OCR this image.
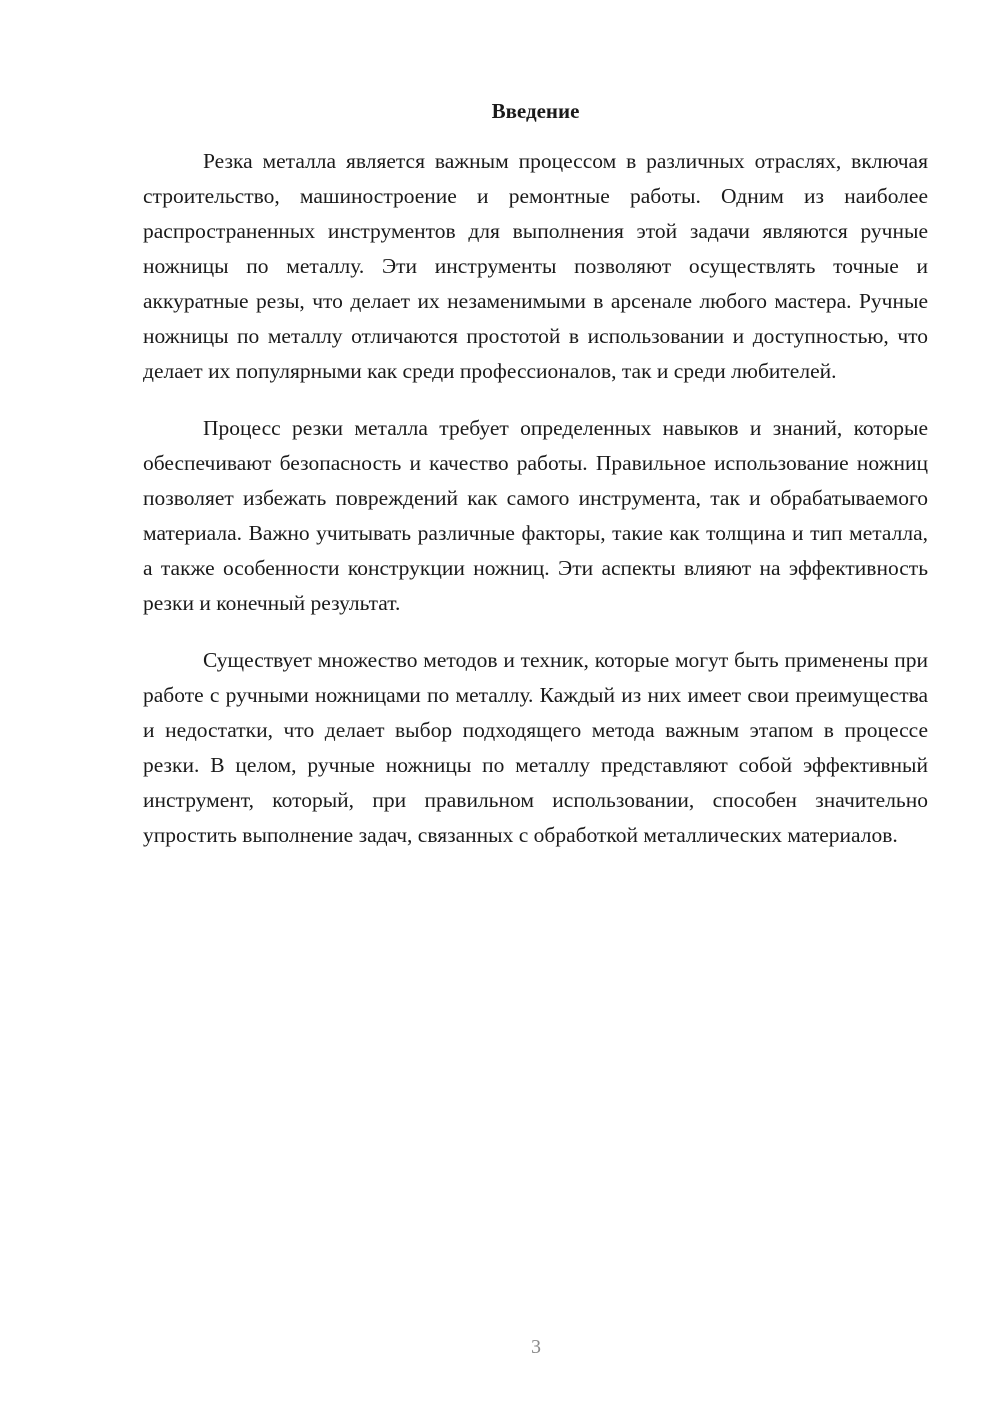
Введение

Резка металла является важным процессом в различных отраслях, включая строительство, машиностроение и ремонтные работы. Одним из наиболее распространенных инструментов для выполнения этой задачи являются ручные ножницы по металлу. Эти инструменты позволяют осуществлять точные и аккуратные резы, что делает их незаменимыми в арсенале любого мастера. Ручные ножницы по металлу отличаются простотой в использовании и доступностью, что делает их популярными как среди профессионалов, так и среди любителей.

Процесс резки металла требует определенных навыков и знаний, которые обеспечивают безопасность и качество работы. Правильное использование ножниц позволяет избежать повреждений как самого инструмента, так и обрабатываемого материала. Важно учитывать различные факторы, такие как толщина и тип металла, а также особенности конструкции ножниц. Эти аспекты влияют на эффективность резки и конечный результат.

Существует множество методов и техник, которые могут быть применены при работе с ручными ножницами по металлу. Каждый из них имеет свои преимущества и недостатки, что делает выбор подходящего метода важным этапом в процессе резки. В целом, ручные ножницы по металлу представляют собой эффективный инструмент, который, при правильном использовании, способен значительно упростить выполнение задач, связанных с обработкой металлических материалов.

3
